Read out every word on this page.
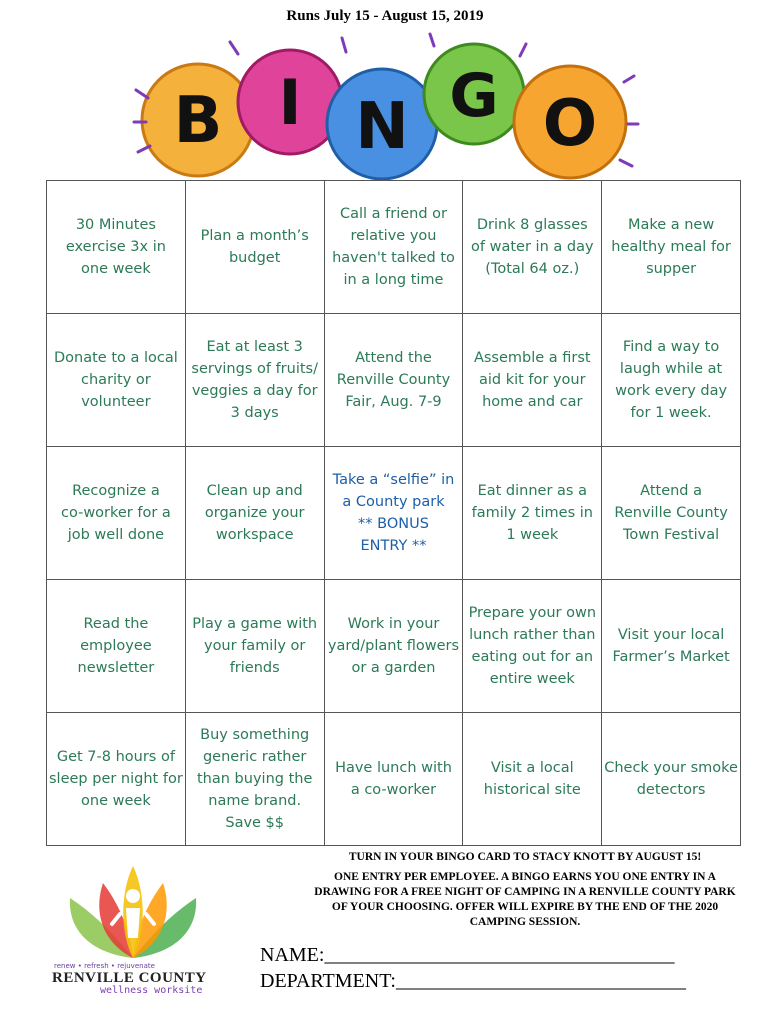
Runs July 15 - August 15, 2019
B I N G O
30 Minutes
exercise 3x in
one week
Plan a month’s
budget
Call a friend or
relative you
haven't talked to
in a long time
Drink 8 glasses
of water in a day
(Total 64 oz.)
Make a new
healthy meal for
supper
Donate to a local
charity or
volunteer
Eat at least 3
servings of fruits/
veggies a day for
3 days
Attend the
Renville County
Fair, Aug. 7-9
Assemble a first
aid kit for your
home and car
Find a way to
laugh while at
work every day
for 1 week.
Recognize a
co-worker for a
job well done
Clean up and
organize your
workspace
Take a “selfie” in
a County park
** BONUS
ENTRY **
Eat dinner as a
family 2 times in
1 week
Attend a
Renville County
Town Festival
Read the
employee
newsletter
Play a game with
your family or
friends
Work in your
yard/plant flowers
or a garden
Prepare your own
lunch rather than
eating out for an
entire week
Visit your local
Farmer’s Market
Get 7-8 hours of
sleep per night for
one week
Buy something
generic rather
than buying the
name brand.
Save $$
Have lunch with
a co-worker
Visit a local
historical site
Check your smoke
detectors
renew • refresh • rejuvenate
RENVILLE COUNTY
wellness worksite
TURN IN YOUR BINGO CARD TO STACY KNOTT BY AUGUST 15!
ONE ENTRY PER EMPLOYEE. A BINGO EARNS YOU ONE ENTRY IN A DRAWING FOR A FREE NIGHT OF CAMPING IN A RENVILLE COUNTY PARK OF YOUR CHOOSING. OFFER WILL EXPIRE BY THE END OF THE 2020 CAMPING SESSION.
NAME:___________________________________
DEPARTMENT:_____________________________
